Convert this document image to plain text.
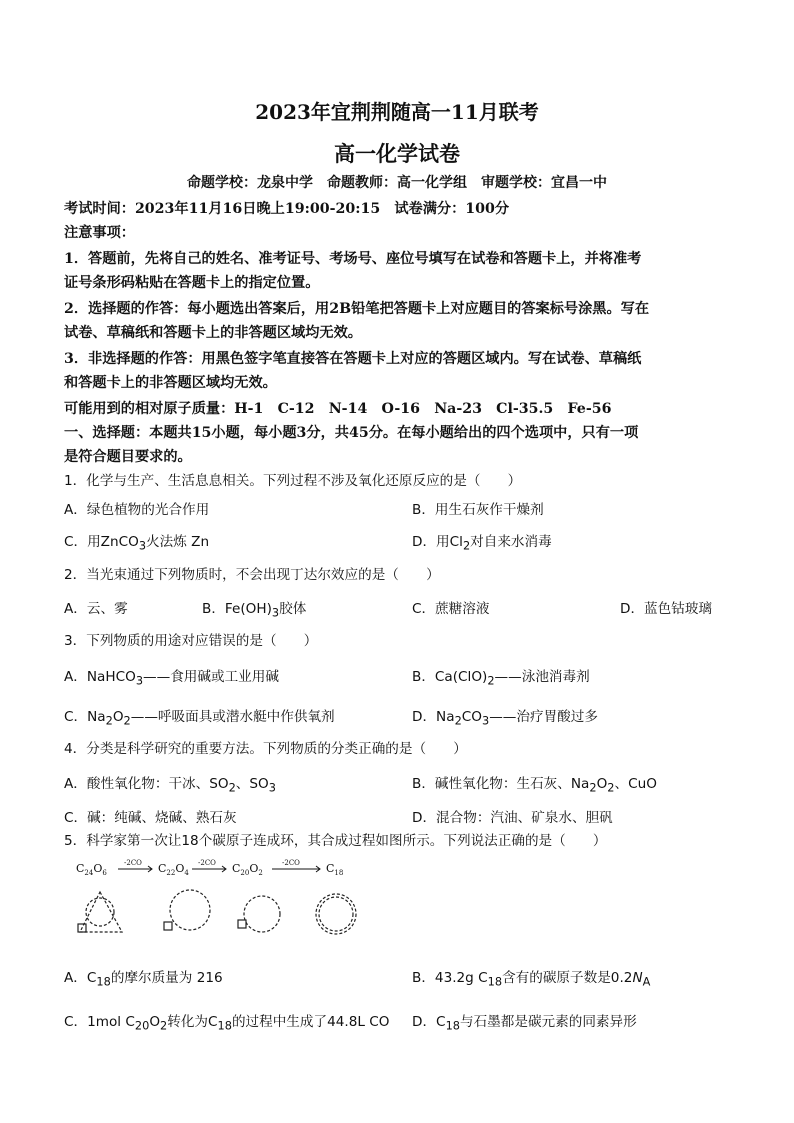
2023年宜荆荆随高一11月联考
高一化学试卷
命题学校：龙泉中学　命题教师：高一化学组　审题学校：宜昌一中
考试时间：2023年11月16日晚上19:00-20:15　试卷满分：100分
注意事项：
1．答题前，先将自己的姓名、准考证号、考场号、座位号填写在试卷和答题卡上，并将准考
证号条形码粘贴在答题卡上的指定位置。
2．选择题的作答：每小题选出答案后，用2B铅笔把答题卡上对应题目的答案标号涂黑。写在
试卷、草稿纸和答题卡上的非答题区域均无效。
3．非选择题的作答：用黑色签字笔直接答在答题卡上对应的答题区域内。写在试卷、草稿纸
和答题卡上的非答题区域均无效。
可能用到的相对原子质量：H-1　C-12　N-14　O-16　Na-23　Cl-35.5　Fe-56
一、选择题：本题共15小题，每小题3分，共45分。在每小题给出的四个选项中，只有一项
是符合题目要求的。
1．化学与生产、生活息息相关。下列过程不涉及氧化还原反应的是（　　）
A．绿色植物的光合作用	B．用生石灰作干燥剂
C．用ZnCO$_3$火法炼 Zn	D．用$Cl_2$对自来水消毒
2．当光束通过下列物质时，不会出现丁达尔效应的是（　　）
A．云、雾	B．$Fe(OH)_3$胶体	C．蔗糖溶液	D．蓝色钴玻璃
3．下列物质的用途对应错误的是（　　）
A．NaHCO$_3$——食用碱或工业用碱	B．$Ca(ClO)_2——$泳池消毒剂
C．$Na_2O_2——$呼吸面具或潜水艇中作供氧剂	D．$Na_2CO_3——$治疗胃酸过多
4．分类是科学研究的重要方法。下列物质的分类正确的是（　　）
A．酸性氧化物：干冰、$SO_2$、$SO_3$	B．碱性氧化物：生石灰、$Na_2O_2$、CuO
C．碱：纯碱、烧碱、熟石灰	D．混合物：汽油、矿泉水、胆矾
5．科学家第一次让18个碳原子连成环，其合成过程如图所示。下列说法正确的是（　　）
$C_{24}O_6$	$C_{22}O_4$	$C_{20}O_2$	$C_{18}$
-2CO	-2CO	-2CO
A．$C_{18}$的摩尔质量为 216	B．43.2g $C_{18}$含有的碳原子数是$0.2N_A$
C．1mol $C_{20}O_2$转化为$C_{18}$的过程中生成了44.8L CO D．$C_{18}$与石墨都是碳元素的同素异形
